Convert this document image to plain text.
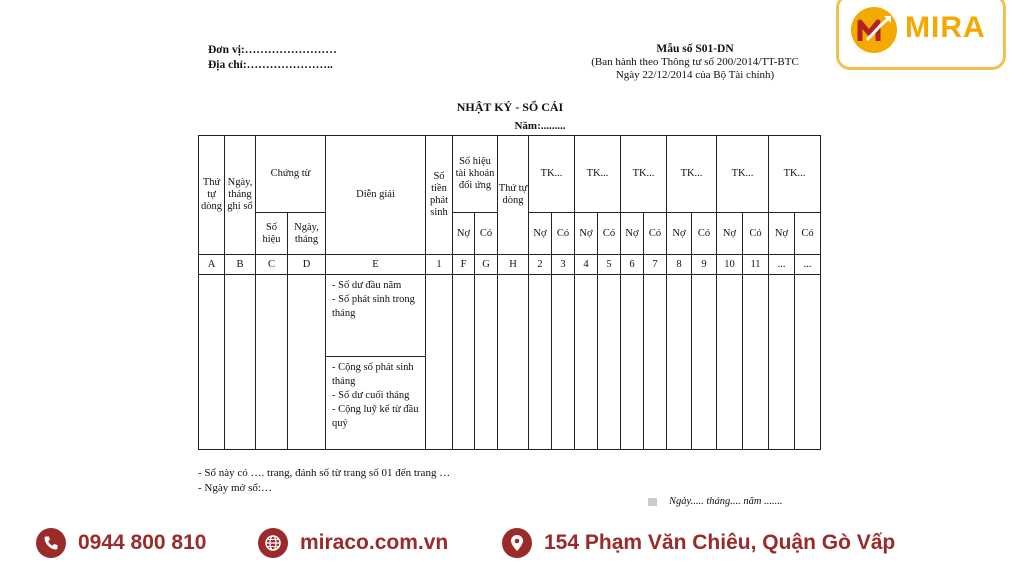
Đơn vị:……………………
Địa chỉ:…………………..
Mẫu số S01-DN
(Ban hành theo Thông tư số 200/2014/TT-BTC
Ngày 22/12/2014 của Bộ Tài chính)
NHẬT KÝ - SỔ CÁI
Năm:.........
MIRA
Thứ tự dòng	Ngày, tháng ghi sổ	Chứng từ		Diễn giải	Số tiền phát sinh	Số hiệu tài khoản đối ứng		Thứ tự dòng	TK...		TK...		TK...		TK...		TK...		TK...	
		Số hiệu	Ngày, tháng			Nợ	Có		Nợ	Có	Nợ	Có	Nợ	Có	Nợ	Có	Nợ	Có	Nợ	Có
A	B	C	D	E	1	F	G	H	2	3	4	5	6	7	8	9	10	11	...	...

				- Số dư đầu năm
- Số phát sinh trong tháng																

				- Cộng số phát sinh tháng
- Số dư cuối tháng
- Cộng luỹ kế từ đầu quý																
- Sổ này có …. trang, đánh số từ trang số 01 đến trang …
- Ngày mở sổ:…
Ngày..... tháng.... năm .......
0944 800 810	miraco.com.vn	154 Phạm Văn Chiêu, Quận Gò Vấp
